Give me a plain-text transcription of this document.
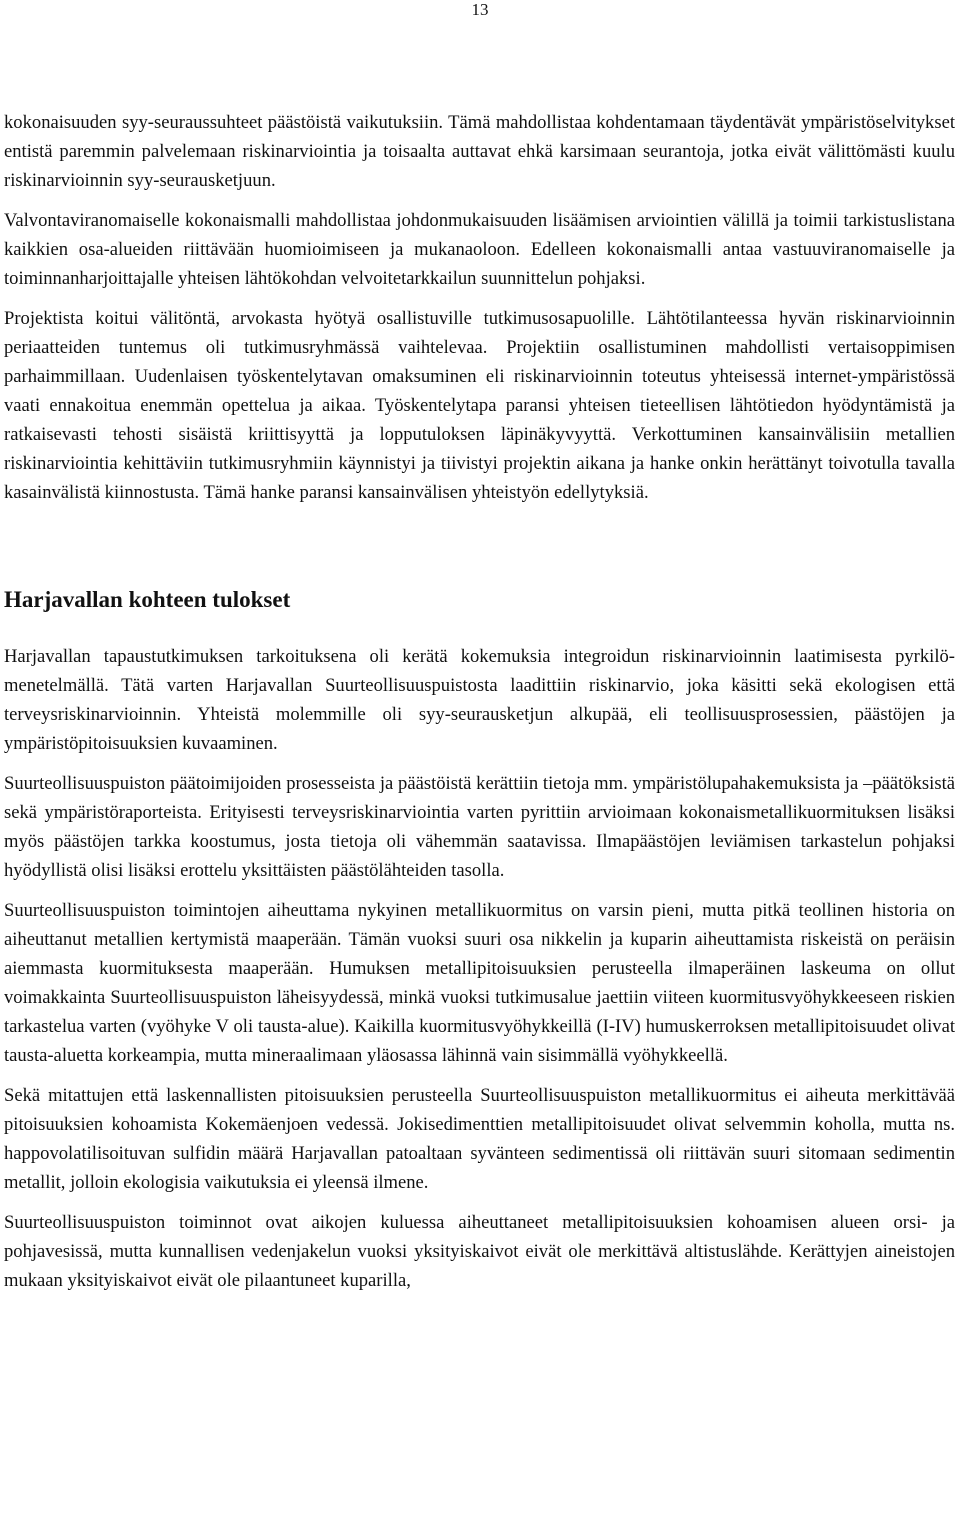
13

kokonaisuuden syy-seuraussuhteet päästöistä vaikutuksiin. Tämä mahdollistaa kohdentamaan täydentävät ympäristöselvitykset entistä paremmin palvelemaan riskinarviointia ja toisaalta auttavat ehkä karsimaan seurantoja, jotka eivät välittömästi kuulu riskinarvioinnin syy-seurausketjuun.

Valvontaviranomaiselle kokonaismalli mahdollistaa johdonmukaisuuden lisäämisen arviointien välillä ja toimii tarkistuslistana kaikkien osa-alueiden riittävään huomioimiseen ja mukanaoloon. Edelleen kokonaismalli antaa vastuuviranomaiselle ja toiminnanharjoittajalle yhteisen lähtökohdan velvoitetarkkailun suunnittelun pohjaksi.

Projektista koitui välitöntä, arvokasta hyötyä osallistuville tutkimusosapuolille. Lähtötilanteessa hyvän riskinarvioinnin periaatteiden tuntemus oli tutkimusryhmässä vaihtelevaa. Projektiin osallistuminen mahdollisti vertaisoppimisen parhaimmillaan. Uudenlaisen työskentelytavan omaksuminen eli riskinarvioinnin toteutus yhteisessä internet-ympäristössä vaati ennakoitua enemmän opettelua ja aikaa. Työskentelytapa paransi yhteisen tieteellisen lähtötiedon hyödyntämistä ja ratkaisevasti tehosti sisäistä kriittisyyttä ja lopputuloksen läpinäkyvyyttä. Verkottuminen kansainvälisiin metallien riskinarviointia kehittäviin tutkimusryhmiin käynnistyi ja tiivistyi projektin aikana ja hanke onkin herättänyt toivotulla tavalla kasainvälistä kiinnostusta. Tämä hanke paransi kansainvälisen yhteistyön edellytyksiä.

Harjavallan kohteen tulokset

Harjavallan tapaustutkimuksen tarkoituksena oli kerätä kokemuksia integroidun riskinarvioinnin laatimisesta pyrkilö-menetelmällä. Tätä varten Harjavallan Suurteollisuuspuistosta laadittiin riskinarvio, joka käsitti sekä ekologisen että terveysriskinarvioinnin. Yhteistä molemmille oli syy-seurausketjun alkupää, eli teollisuusprosessien, päästöjen ja ympäristöpitoisuuksien kuvaaminen.

Suurteollisuuspuiston päätoimijoiden prosesseista ja päästöistä kerättiin tietoja mm. ympäristölupahakemuksista ja –päätöksistä sekä ympäristöraporteista. Erityisesti terveysriskinarviointia varten pyrittiin arvioimaan kokonaismetallikuormituksen lisäksi myös päästöjen tarkka koostumus, josta tietoja oli vähemmän saatavissa. Ilmapäästöjen leviämisen tarkastelun pohjaksi hyödyllistä olisi lisäksi erottelu yksittäisten päästölähteiden tasolla.

Suurteollisuuspuiston toimintojen aiheuttama nykyinen metallikuormitus on varsin pieni, mutta pitkä teollinen historia on aiheuttanut metallien kertymistä maaperään. Tämän vuoksi suuri osa nikkelin ja kuparin aiheuttamista riskeistä on peräisin aiemmasta kuormituksesta maaperään. Humuksen metallipitoisuuksien perusteella ilmaperäinen laskeuma on ollut voimakkainta Suurteollisuuspuiston läheisyydessä, minkä vuoksi tutkimusalue jaettiin viiteen kuormitusvyöhykkeeseen riskien tarkastelua varten (vyöhyke V oli tausta-alue). Kaikilla kuormitusvyöhykkeillä (I-IV) humuskerroksen metallipitoisuudet olivat tausta-aluetta korkeampia, mutta mineraalimaan yläosassa lähinnä vain sisimmällä vyöhykkeellä.

Sekä mitattujen että laskennallisten pitoisuuksien perusteella Suurteollisuuspuiston metallikuormitus ei aiheuta merkittävää pitoisuuksien kohoamista Kokemäenjoen vedessä. Jokisedimenttien metallipitoisuudet olivat selvemmin koholla, mutta ns. happovolatilisoituvan sulfidin määrä Harjavallan patoaltaan syvänteen sedimentissä oli riittävän suuri sitomaan sedimentin metallit, jolloin ekologisia vaikutuksia ei yleensä ilmene.

Suurteollisuuspuiston toiminnot ovat aikojen kuluessa aiheuttaneet metallipitoisuuksien kohoamisen alueen orsi- ja pohjavesissä, mutta kunnallisen vedenjakelun vuoksi yksityiskaivot eivät ole merkittävä altistuslähde. Kerättyjen aineistojen mukaan yksityiskaivot eivät ole pilaantuneet kuparilla,
